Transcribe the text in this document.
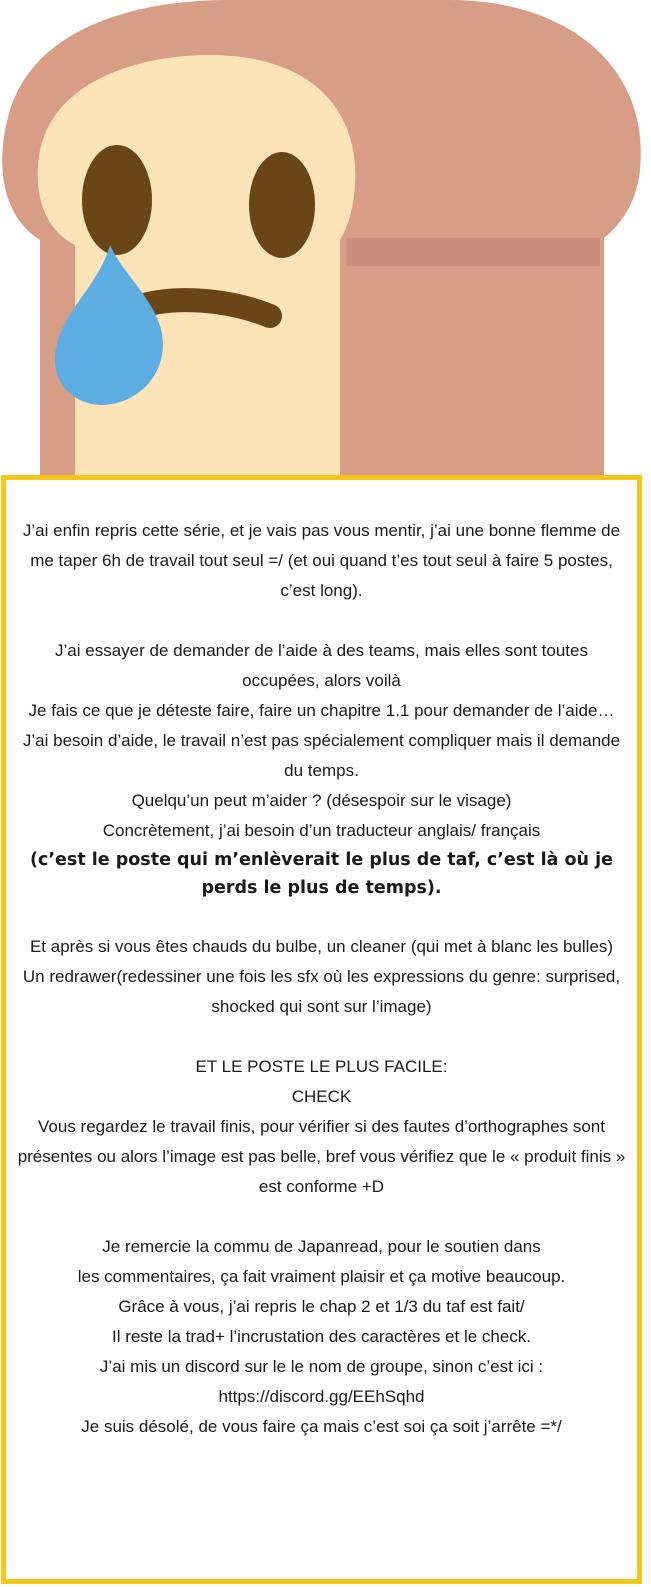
J’ai enfin repris cette série, et je vais pas vous mentir, j’ai une bonne flemme de me taper 6h de travail tout seul =/ (et oui quand t’es tout seul à faire 5 postes, c’est long).

J’ai essayer de demander de l’aide à des teams, mais elles sont toutes occupées, alors voilà

Je fais ce que je déteste faire, faire un chapitre 1.1 pour demander de l’aide…

J’ai besoin d’aide, le travail n’est pas spécialement compliquer mais il demande du temps.

Quelqu’un peut m’aider ? (désespoir sur le visage)

Concrètement, j’ai besoin d’un traducteur anglais/ français

(c’est le poste qui m’enlèverait le plus de taf, c’est là où je perds le plus de temps).

Et après si vous êtes chauds du bulbe, un cleaner (qui met à blanc les bulles)

Un redrawer(redessiner une fois les sfx où les expressions du genre: surprised, shocked qui sont sur l’image)

ET LE POSTE LE PLUS FACILE:

CHECK

Vous regardez le travail finis, pour vérifier si des fautes d’orthographes sont présentes ou alors l’image est pas belle, bref vous vérifiez que le « produit finis » est conforme +D

Je remercie la commu de Japanread, pour le soutien dans

les commentaires, ça fait vraiment plaisir et ça motive beaucoup.

Grâce à vous, j’ai repris le chap 2 et 1/3 du taf est fait/

Il reste la trad+ l’incrustation des caractères et le check.

J’ai mis un discord sur le le nom de groupe, sinon c’est ici :

https://discord.gg/EEhSqhd

Je suis désolé, de vous faire ça mais c’est soi ça soit j’arrête =*/
